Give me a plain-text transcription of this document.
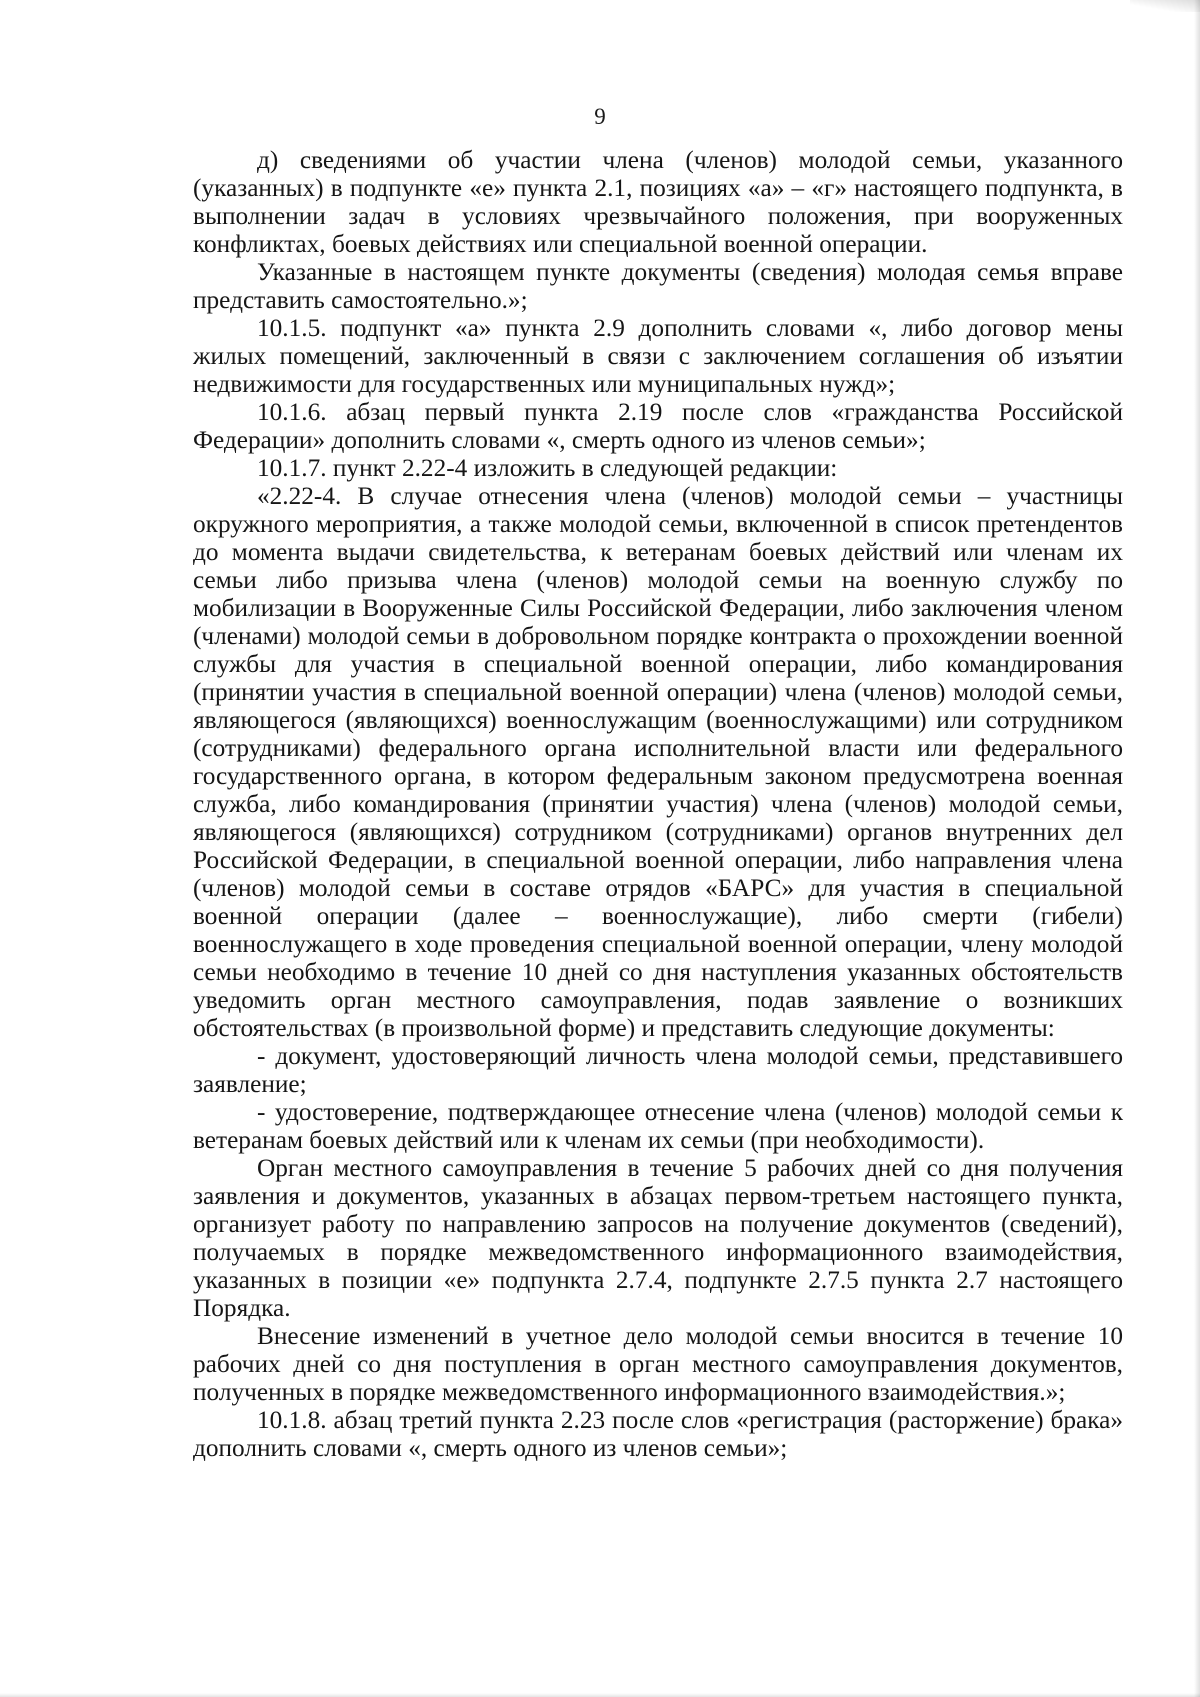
9

д) сведениями об участии члена (членов) молодой семьи, указанного (указанных) в подпункте «е» пункта 2.1, позициях «а» – «г» настоящего подпункта, в выполнении задач в условиях чрезвычайного положения, при вооруженных конфликтах, боевых действиях или специальной военной операции.

Указанные в настоящем пункте документы (сведения) молодая семья вправе представить самостоятельно.»;

10.1.5. подпункт «а» пункта 2.9 дополнить словами «, либо договор мены жилых помещений, заключенный в связи с заключением соглашения об изъятии недвижимости для государственных или муниципальных нужд»;

10.1.6. абзац первый пункта 2.19 после слов «гражданства Российской Федерации» дополнить словами «, смерть одного из членов семьи»;

10.1.7. пункт 2.22-4 изложить в следующей редакции:

«2.22-4. В случае отнесения члена (членов) молодой семьи – участницы окружного мероприятия, а также молодой семьи, включенной в список претендентов до момента выдачи свидетельства, к ветеранам боевых действий или членам их семьи либо призыва члена (членов) молодой семьи на военную службу по мобилизации в Вооруженные Силы Российской Федерации, либо заключения членом (членами) молодой семьи в добровольном порядке контракта о прохождении военной службы для участия в специальной военной операции, либо командирования (принятии участия в специальной военной операции) члена (членов) молодой семьи, являющегося (являющихся) военнослужащим (военнослужащими) или сотрудником (сотрудниками) федерального органа исполнительной власти или федерального государственного органа, в котором федеральным законом предусмотрена военная служба, либо командирования (принятии участия) члена (членов) молодой семьи, являющегося (являющихся) сотрудником (сотрудниками) органов внутренних дел Российской Федерации, в специальной военной операции, либо направления члена (членов) молодой семьи в составе отрядов «БАРС» для участия в специальной военной операции (далее – военнослужащие), либо смерти (гибели) военнослужащего в ходе проведения специальной военной операции, члену молодой семьи необходимо в течение 10 дней со дня наступления указанных обстоятельств уведомить орган местного самоуправления, подав заявление о возникших обстоятельствах (в произвольной форме) и представить следующие документы:

- документ, удостоверяющий личность члена молодой семьи, представившего заявление;

- удостоверение, подтверждающее отнесение члена (членов) молодой семьи к ветеранам боевых действий или к членам их семьи (при необходимости).

Орган местного самоуправления в течение 5 рабочих дней со дня получения заявления и документов, указанных в абзацах первом-третьем настоящего пункта, организует работу по направлению запросов на получение документов (сведений), получаемых в порядке межведомственного информационного взаимодействия, указанных в позиции «е» подпункта 2.7.4, подпункте 2.7.5 пункта 2.7 настоящего Порядка.

Внесение изменений в учетное дело молодой семьи вносится в течение 10 рабочих дней со дня поступления в орган местного самоуправления документов, полученных в порядке межведомственного информационного взаимодействия.»;

10.1.8. абзац третий пункта 2.23 после слов «регистрация (расторжение) брака» дополнить словами «, смерть одного из членов семьи»;
